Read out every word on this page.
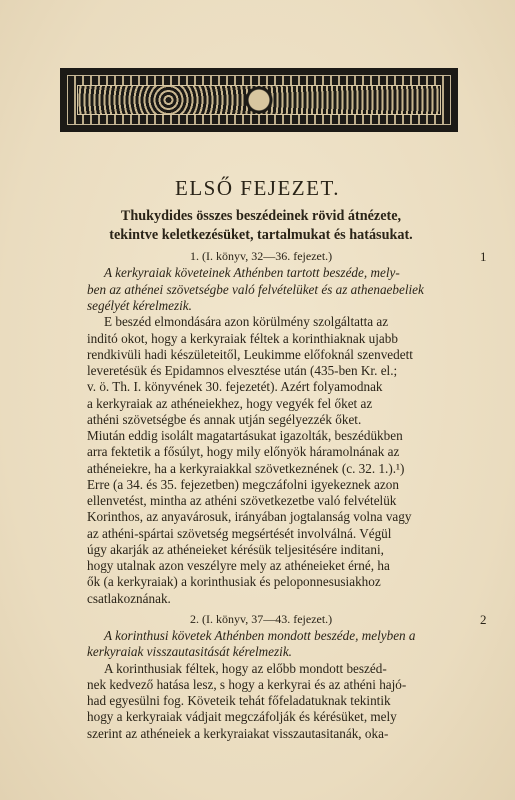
ELSŐ FEJEZET.
Thukydides összes beszédeinek rövid átnézete,
tekintve keletkezésüket, tartalmukat és hatásukat.
1. (I. könyv, 32—36. fejezet.)	1
A kerkyraiak követeinek Athénben tartott beszéde, mely-
ben az athénei szövetségbe való felvételüket és az athenaebeliek
segélyét kérelmezik.
E beszéd elmondására azon körülmény szolgáltatta az
inditó okot, hogy a kerkyraiak féltek a korinthiaknak ujabb
rendkivüli hadi készületeitől, Leukimme előfoknál szenvedett
leveretésük és Epidamnos elvesztése után (435-ben Kr. el.;
v. ö. Th. I. könyvének 30. fejezetét). Azért folyamodnak
a kerkyraiak az athéneiekhez, hogy vegyék fel őket az
athéni szövetségbe és annak utján segélyezzék őket.
Miután eddig isolált magatartásukat igazolták, beszédükben
arra fektetik a fősúlyt, hogy mily előnyök háramolnának az
athéneiekre, ha a kerkyraiakkal szövetkeznének (c. 32. 1.).¹)
Erre (a 34. és 35. fejezetben) megczáfolni igyekeznek azon
ellenvetést, mintha az athéni szövetkezetbe való felvételük
Korinthos, az anyavárosuk, irányában jogtalanság volna vagy
az athéni-spártai szövetség megsértését involválná. Végül
úgy akarják az athéneieket kérésük teljesitésére inditani,
hogy utalnak azon veszélyre mely az athéneieket érné, ha
ők (a kerkyraiak) a korinthusiak és peloponnesusiakhoz
csatlakoznának.
2. (I. könyv, 37—43. fejezet.)	2
A korinthusi követek Athénben mondott beszéde, melyben a
kerkyraiak visszautasitását kérelmezik.
A korinthusiak féltek, hogy az előbb mondott beszéd-
nek kedvező hatása lesz, s hogy a kerkyrai és az athéni hajó-
had egyesülni fog. Követeik tehát főfeladatuknak tekintik
hogy a kerkyraiak vádjait megczáfolják és kérésüket, mely
szerint az athéneiek a kerkyraiakat visszautasitanák, oka-
